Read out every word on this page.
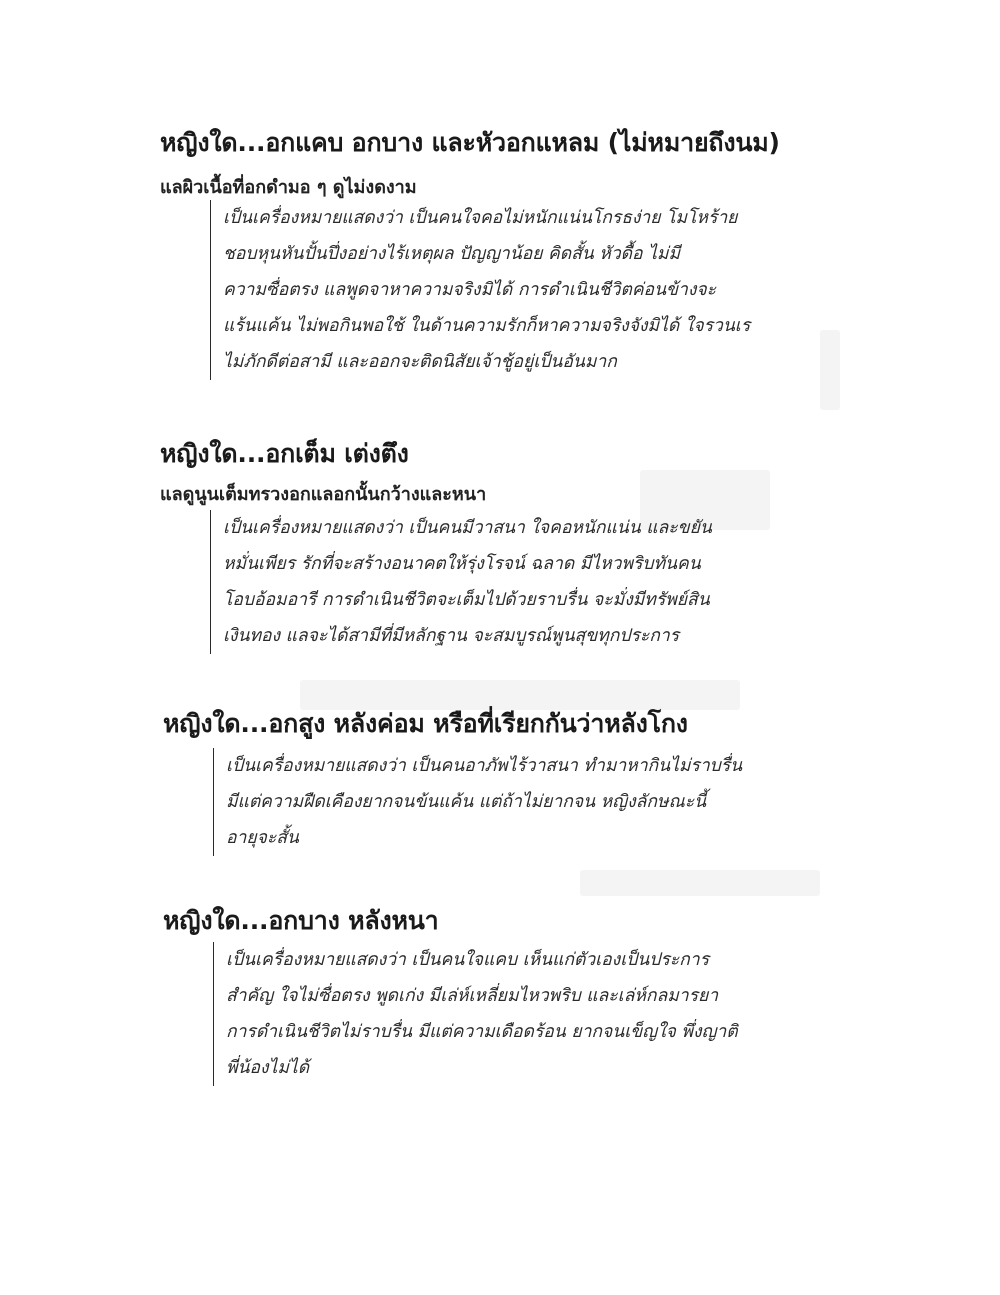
หญิงใด...อกแคบ อกบาง และหัวอกแหลม (ไม่หมายถึงนม)

แลผิวเนื้อที่อกดำมอ ๆ ดูไม่งดงาม

เป็นเครื่องหมายแสดงว่า เป็นคนใจคอไม่หนักแน่นโกรธง่าย โมโหร้าย
ชอบหุนหันปั้นปึ่งอย่างไร้เหตุผล ปัญญาน้อย คิดสั้น หัวดื้อ ไม่มี
ความซื่อตรง แลพูดจาหาความจริงมิได้ การดำเนินชีวิตค่อนข้างจะ
แร้นแค้น ไม่พอกินพอใช้ ในด้านความรักก็หาความจริงจังมิได้ ใจรวนเร
ไม่ภักดีต่อสามี และออกจะติดนิสัยเจ้าชู้อยู่เป็นอันมาก
หญิงใด...อกเต็ม เต่งตึง

แลดูนูนเต็มทรวงอกแลอกนั้นกว้างและหนา

เป็นเครื่องหมายแสดงว่า เป็นคนมีวาสนา ใจคอหนักแน่น และขยัน
หมั่นเพียร รักที่จะสร้างอนาคตให้รุ่งโรจน์ ฉลาด มีไหวพริบทันคน
โอบอ้อมอารี การดำเนินชีวิตจะเต็มไปด้วยราบรื่น จะมั่งมีทรัพย์สิน
เงินทอง แลจะได้สามีที่มีหลักฐาน จะสมบูรณ์พูนสุขทุกประการ
หญิงใด...อกสูง หลังค่อม หรือที่เรียกกันว่าหลังโกง
เป็นเครื่องหมายแสดงว่า เป็นคนอาภัพไร้วาสนา ทำมาหากินไม่ราบรื่น
มีแต่ความฝืดเคืองยากจนข้นแค้น แต่ถ้าไม่ยากจน หญิงลักษณะนี้
อายุจะสั้น
หญิงใด...อกบาง หลังหนา
เป็นเครื่องหมายแสดงว่า เป็นคนใจแคบ เห็นแก่ตัวเองเป็นประการ
สำคัญ ใจไม่ซื่อตรง พูดเก่ง มีเล่ห์เหลี่ยมไหวพริบ และเล่ห์กลมารยา
การดำเนินชีวิตไม่ราบรื่น มีแต่ความเดือดร้อน ยากจนเข็ญใจ พึ่งญาติ
พี่น้องไม่ได้
